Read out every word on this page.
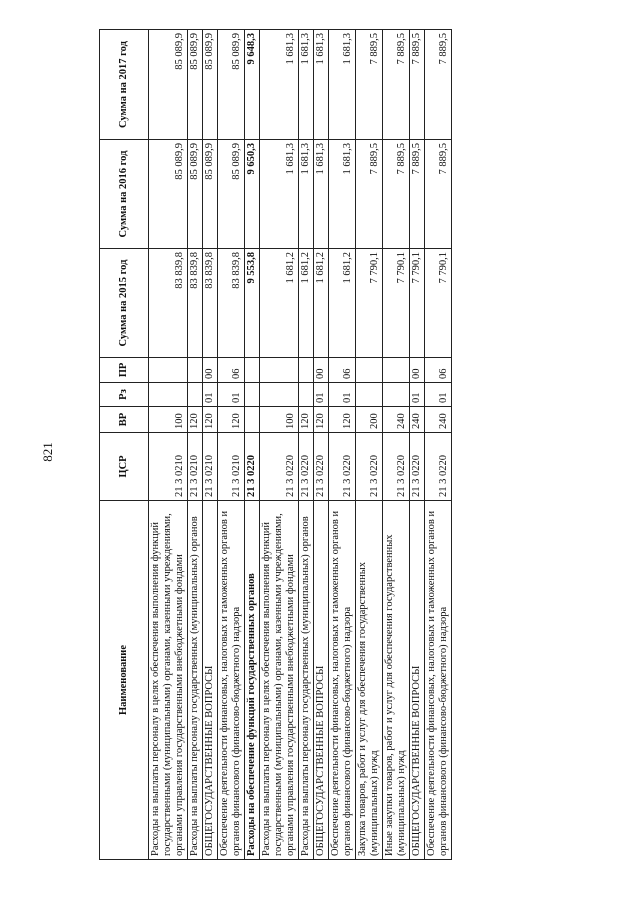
821
Наименование	ЦСР	ВР	Рз	ПР	Сумма на 2015 год	Сумма на 2016 год	Сумма на 2017 год
Расходы на выплаты персоналу в целях обеспечения выполнения функций государственными (муниципальными) органами, казенными учреждениями, органами управления государственными внебюджетными фондами	21 3 0210	100			83 839,8	85 089,9	85 089,9
Расходы на выплаты персоналу государственных (муниципальных) органов	21 3 0210	120			83 839,8	85 089,9	85 089,9
ОБЩЕГОСУДАРСТВЕННЫЕ ВОПРОСЫ	21 3 0210	120	01	00	83 839,8	85 089,9	85 089,9
Обеспечение деятельности финансовых, налоговых и таможенных органов и органов финансового (финансово-бюджетного) надзора	21 3 0210	120	01	06	83 839,8	85 089,9	85 089,9
Расходы на обеспечение функций государственных органов	21 3 0220				9 553,8	9 650,3	9 648,3
Расходы на выплаты персоналу в целях обеспечения выполнения функций государственными (муниципальными) органами, казенными учреждениями, органами управления государственными внебюджетными фондами	21 3 0220	100			1 681,2	1 681,3	1 681,3
Расходы на выплаты персоналу государственных (муниципальных) органов	21 3 0220	120			1 681,2	1 681,3	1 681,3
ОБЩЕГОСУДАРСТВЕННЫЕ ВОПРОСЫ	21 3 0220	120	01	00	1 681,2	1 681,3	1 681,3
Обеспечение деятельности финансовых, налоговых и таможенных органов и органов финансового (финансово-бюджетного) надзора	21 3 0220	120	01	06	1 681,2	1 681,3	1 681,3
Закупка товаров, работ и услуг для обеспечения государственных (муниципальных) нужд	21 3 0220	200			7 790,1	7 889,5	7 889,5
Иные закупки товаров, работ и услуг для обеспечения государственных (муниципальных) нужд	21 3 0220	240			7 790,1	7 889,5	7 889,5
ОБЩЕГОСУДАРСТВЕННЫЕ ВОПРОСЫ	21 3 0220	240	01	00	7 790,1	7 889,5	7 889,5
Обеспечение деятельности финансовых, налоговых и таможенных органов и органов финансового (финансово-бюджетного) надзора	21 3 0220	240	01	06	7 790,1	7 889,5	7 889,5
